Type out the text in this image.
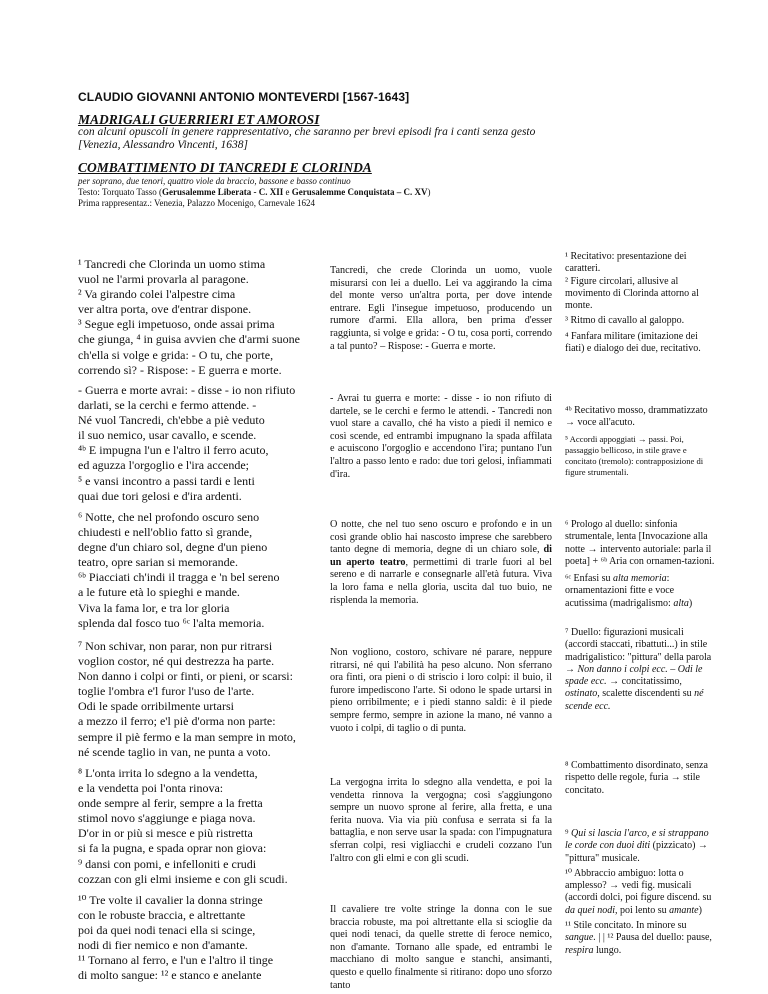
CLAUDIO GIOVANNI ANTONIO MONTEVERDI [1567-1643]
MADRIGALI GUERRIERI ET AMOROSI
con alcuni opuscoli in genere rappresentativo, che saranno per brevi episodi fra i canti senza gesto
[Venezia, Alessandro Vincenti, 1638]
COMBATTIMENTO DI TANCREDI E CLORINDA
per soprano, due tenori, quattro viole da braccio, bassone e basso continuo
Testo: Torquato Tasso (Gerusalemme Liberata - C. XII e Gerusalemme Conquistata – C. XV)
Prima rappresentaz.: Venezia, Palazzo Mocenigo, Carnevale 1624

¹ Tancredi che Clorinda un uomo stima

vuol ne l'armi provarla al paragone.

² Va girando colei l'alpestre cima

ver altra porta, ove d'entrar dispone.

³ Segue egli impetuoso, onde assai prima

che giunga, ⁴ in guisa avvien che d'armi suone

ch'ella si volge e grida: - O tu, che porte,

correndo sì? - Rispose: - E guerra e morte.

- Guerra e morte avrai: - disse - io non rifiuto

darlati, se la cerchi e fermo attende. -

Né vuol Tancredi, ch'ebbe a piè veduto

il suo nemico, usar cavallo, e scende.

⁴ᵇ E impugna l'un e l'altro il ferro acuto,

ed aguzza l'orgoglio e l'ira accende;

⁵ e vansi incontro a passi tardi e lenti

quai due tori gelosi e d'ira ardenti.

⁶ Notte, che nel profondo oscuro seno

chiudesti e nell'oblio fatto sì grande,

degne d'un chiaro sol, degne d'un pieno

teatro, opre sarian si memorande.

⁶ᵇ Piacciati ch'indi il tragga e 'n bel sereno

a le future età lo spieghi e mande.

Viva la fama lor, e tra lor gloria

splenda dal fosco tuo ⁶ᶜ l'alta memoria.

⁷ Non schivar, non parar, non pur ritrarsi

voglion costor, né qui destrezza ha parte.

Non danno i colpi or finti, or pieni, or scarsi:

toglie l'ombra e'l furor l'uso de l'arte.

Odi le spade orribilmente urtarsi

a mezzo il ferro; e'l piè d'orma non parte:

sempre il piè fermo e la man sempre in moto,

né scende taglio in van, ne punta a voto.

⁸ L'onta irrita lo sdegno a la vendetta,

e la vendetta poi l'onta rinova:

onde sempre al ferir, sempre a la fretta

stimol novo s'aggiunge e piaga nova.

D'or in or più si mesce e più ristretta

si fa la pugna, e spada oprar non giova:

⁹ dansi con pomi, e infelloniti e crudi

cozzan con gli elmi insieme e con gli scudi.

¹⁰ Tre volte il cavalier la donna stringe

con le robuste braccia, e altrettante

poi da quei nodi tenaci ella si scinge,

nodi di fier nemico e non d'amante.

¹¹ Tornano al ferro, e l'un e l'altro il tinge

di molto sangue: ¹² e stanco e anelante

Tancredi, che crede Clorinda un uomo, vuole misurarsi con lei a duello. Lei va aggirando la cima del monte verso un'altra porta, per dove intende entrare. Egli l'insegue impetuoso, producendo un rumore d'armi. Ella allora, ben prima d'esser raggiunta, si volge e grida: - O tu, cosa porti, correndo a tal punto? – Risposе: - Guerra e morte.
- Avrai tu guerra e morte: - disse - io non rifiuto di dartele, se le cerchi e fermo le attendi. - Tancredi non vuol stare a cavallo, ché ha visto a piedi il nemico e così scende, ed entrambi impugnano la spada affilata e acuiscono l'orgoglio e accendono l'ira; puntano l'un l'altro a passo lento e rado: due tori gelosi, infiammati d'ira.
O notte, che nel tuo seno oscuro e profondo e in un così grande oblio hai nascosto imprese che sarebbero tanto degne di memoria, degne di un chiaro sole, di un aperto teatro, permettimi di trarle fuori al bel sereno e di narrarle e consegnarle all'età futura. Viva la loro fama e nella gloria, uscita dal tuo buio, ne risplenda la memoria.
Non vogliono, costoro, schivare né parare, neppure ritrarsi, né qui l'abilità ha peso alcuno. Non sferrano ora finti, ora pieni o di striscio i loro colpi: il buio, il furore impediscono l'arte. Si odono le spade urtarsi in pieno orribilmente; e i piedi stanno saldi: è il piede sempre fermo, sempre in azione la mano, né vanno a vuoto i colpi, di taglio o di punta.
La vergogna irrita lo sdegno alla vendetta, e poi la vendetta rinnova la vergogna; così s'aggiungono sempre un nuovo sprone al ferire, alla fretta, e una ferita nuova. Via via più confusa e serrata si fa la battaglia, e non serve usar la spada: con l'impugnatura sferran colpi, resi vigliacchi e crudeli cozzano l'un l'altro con gli elmi e con gli scudi.
Il cavaliere tre volte stringe la donna con le sue braccia robuste, ma poi altrettante ella si scioglie da quei nodi tenaci, da quelle strette di feroce nemico, non d'amante. Tornano alle spade, ed entrambi le macchiano di molto sangue e stanchi, ansimanti, questo e quello finalmente si ritirano: dopo uno sforzo tanto

¹ Recitativo: presentazione dei caratteri.

² Figure circolari, allusive al movimento di Clorinda attorno al monte.

³ Ritmo di cavallo al galoppo.

⁴ Fanfara militare (imitazione dei fiati) e dialogo dei due, recitativo.

⁴ᵇ Recitativo mosso, drammatizzato → voce all'acuto.

⁵ Accordi appoggiati → passi. Poi, passaggio bellicoso, in stile grave e concitato (tremolo): contrapposizione di figure strumentali.

⁶ Prologo al duello: sinfonia strumentale, lenta [Invocazione alla notte → intervento autoriale: parla il poeta] + ⁶ᵇ Aria con ornamen-tazioni.

⁶ᶜ Enfasi su alta memoria: ornamentazioni fitte e voce acutissima (madrigalismo: alta)

⁷ Duello: figurazioni musicali (accordi staccati, ribattuti...) in stile madrigalistico: "pittura" della parola → Non danno i colpi ecc. – Odi le spade ecc. → concitatissimo, ostinato, scalette discendenti su né scende ecc.

⁸ Combattimento disordinato, senza rispetto delle regole, furia → stile concitato.

⁹ Qui si lascia l'arco, e si strappano le corde con duoi diti (pizzicato) → "pittura" musicale.

¹⁰ Abbraccio ambiguo: lotta o amplesso? → vedi fig. musicali (accordi dolci, poi figure discend. su da quei nodi, poi lento su amante)

¹¹ Stile concitato. In minore su sangue. | | ¹² Pausa del duello: pause, respira lungo.
